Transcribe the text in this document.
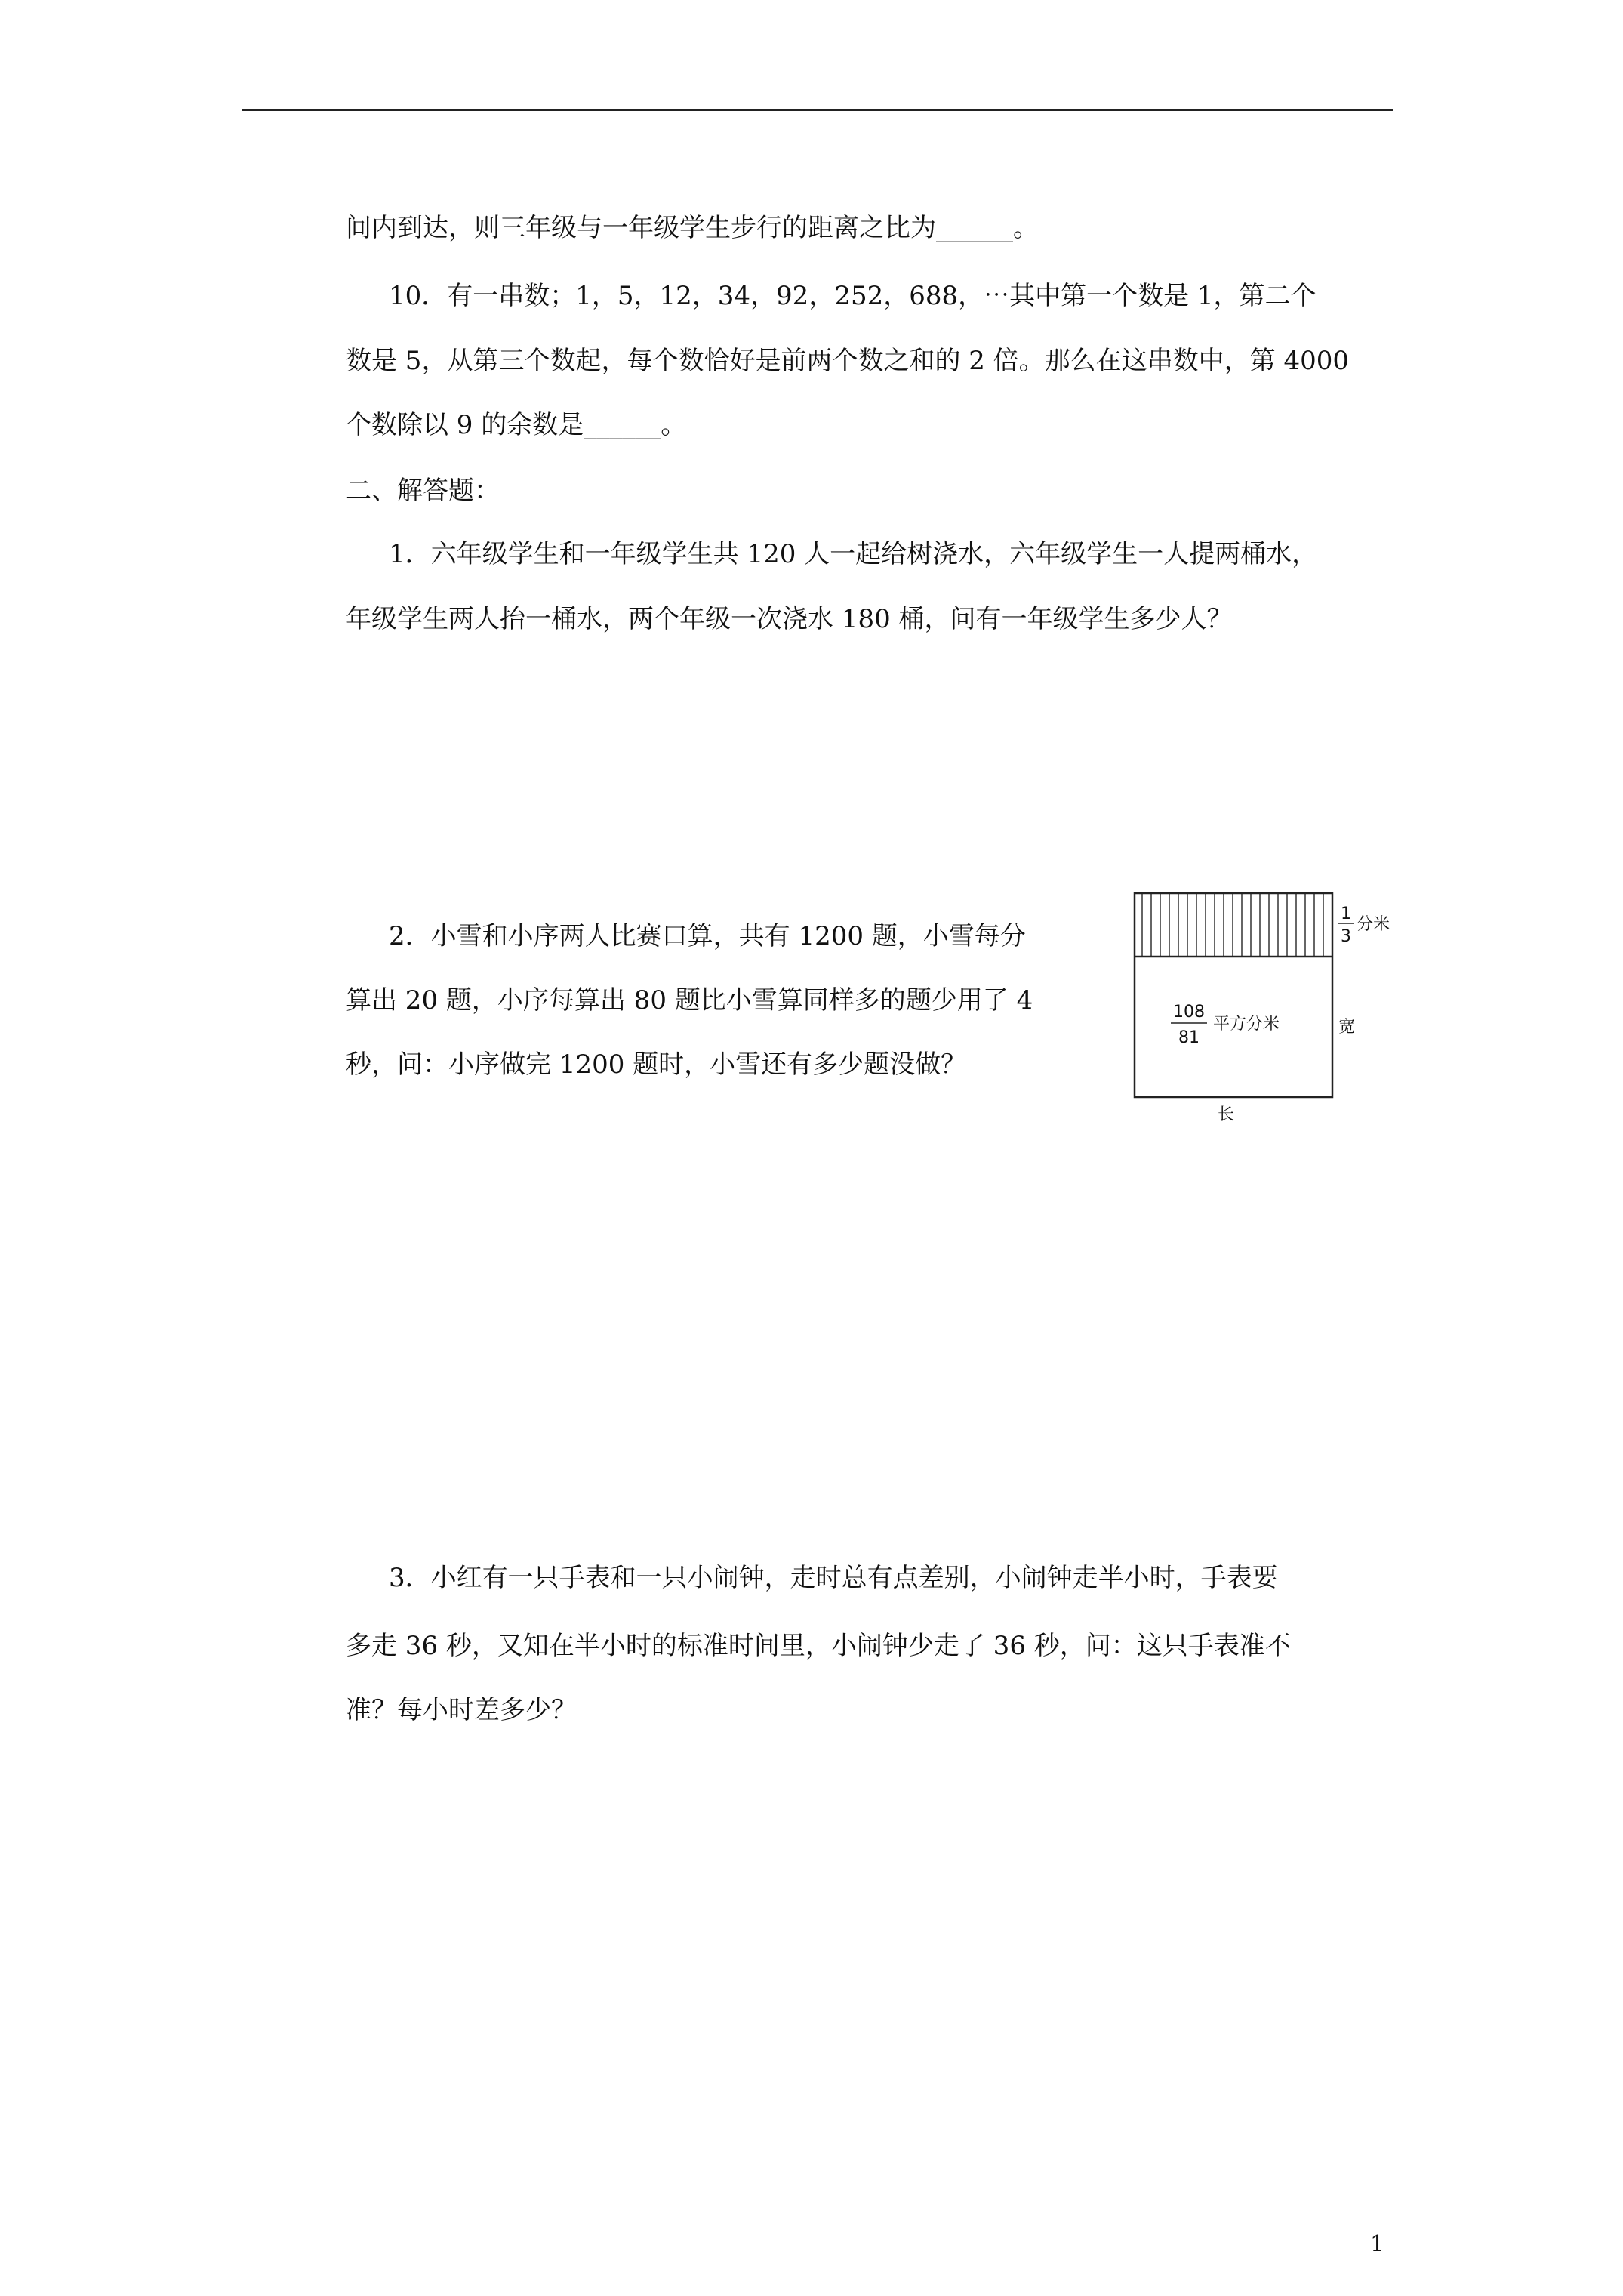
间内到达，则三年级与一年级学生步行的距离之比为______。
10．有一串数；1，5，12，34，92，252，688，⋯其中第一个数是 1，第二个
数是 5，从第三个数起，每个数恰好是前两个数之和的 2 倍。那么在这串数中，第 4000
个数除以 9 的余数是______。
二、解答题：
1．六年级学生和一年级学生共 120 人一起给树浇水，六年级学生一人提两桶水，
年级学生两人抬一桶水，两个年级一次浇水 180 桶，问有一年级学生多少人？
2．小雪和小序两人比赛口算，共有 1200 题，小雪每分
算出 20 题，小序每算出 80 题比小雪算同样多的题少用了 4
秒，问：小序做完 1200 题时，小雪还有多少题没做？
3．小红有一只手表和一只小闹钟，走时总有点差别，小闹钟走半小时，手表要
多走 36 秒，又知在半小时的标准时间里，小闹钟少走了 36 秒，问：这只手表准不
准？每小时差多少？
1
3
分米
108
81
平方分米	宽
长
1
